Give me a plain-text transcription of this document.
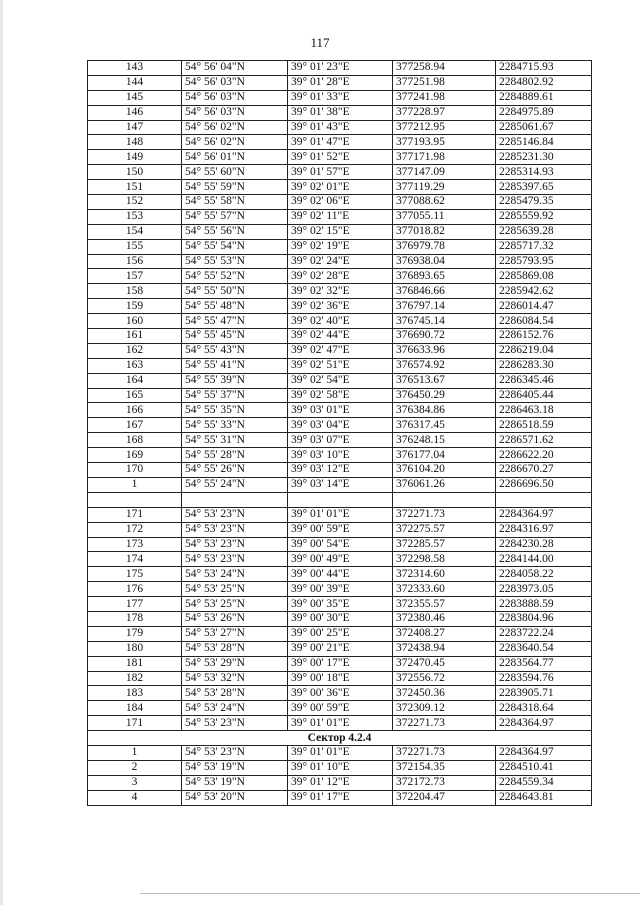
117
143	54° 56' 04"N	39° 01' 23"E	377258.94	2284715.93
144	54° 56' 03"N	39° 01' 28"E	377251.98	2284802.92
145	54° 56' 03"N	39° 01' 33"E	377241.98	2284889.61
146	54° 56' 03"N	39° 01' 38"E	377228.97	2284975.89
147	54° 56' 02"N	39° 01' 43"E	377212.95	2285061.67
148	54° 56' 02"N	39° 01' 47"E	377193.95	2285146.84
149	54° 56' 01"N	39° 01' 52"E	377171.98	2285231.30
150	54° 55' 60"N	39° 01' 57"E	377147.09	2285314.93
151	54° 55' 59"N	39° 02' 01"E	377119.29	2285397.65
152	54° 55' 58"N	39° 02' 06"E	377088.62	2285479.35
153	54° 55' 57"N	39° 02' 11"E	377055.11	2285559.92
154	54° 55' 56"N	39° 02' 15"E	377018.82	2285639.28
155	54° 55' 54"N	39° 02' 19"E	376979.78	2285717.32
156	54° 55' 53"N	39° 02' 24"E	376938.04	2285793.95
157	54° 55' 52"N	39° 02' 28"E	376893.65	2285869.08
158	54° 55' 50"N	39° 02' 32"E	376846.66	2285942.62
159	54° 55' 48"N	39° 02' 36"E	376797.14	2286014.47
160	54° 55' 47"N	39° 02' 40"E	376745.14	2286084.54
161	54° 55' 45"N	39° 02' 44"E	376690.72	2286152.76
162	54° 55' 43"N	39° 02' 47"E	376633.96	2286219.04
163	54° 55' 41"N	39° 02' 51"E	376574.92	2286283.30
164	54° 55' 39"N	39° 02' 54"E	376513.67	2286345.46
165	54° 55' 37"N	39° 02' 58"E	376450.29	2286405.44
166	54° 55' 35"N	39° 03' 01"E	376384.86	2286463.18
167	54° 55' 33"N	39° 03' 04"E	376317.45	2286518.59
168	54° 55' 31"N	39° 03' 07"E	376248.15	2286571.62
169	54° 55' 28"N	39° 03' 10"E	376177.04	2286622.20
170	54° 55' 26"N	39° 03' 12"E	376104.20	2286670.27
1	54° 55' 24"N	39° 03' 14"E	376061.26	2286696.50

171	54° 53' 23"N	39° 01' 01"E	372271.73	2284364.97
172	54° 53' 23"N	39° 00' 59"E	372275.57	2284316.97
173	54° 53' 23"N	39° 00' 54"E	372285.57	2284230.28
174	54° 53' 23"N	39° 00' 49"E	372298.58	2284144.00
175	54° 53' 24"N	39° 00' 44"E	372314.60	2284058.22
176	54° 53' 25"N	39° 00' 39"E	372333.60	2283973.05
177	54° 53' 25"N	39° 00' 35"E	372355.57	2283888.59
178	54° 53' 26"N	39° 00' 30"E	372380.46	2283804.96
179	54° 53' 27"N	39° 00' 25"E	372408.27	2283722.24
180	54° 53' 28"N	39° 00' 21"E	372438.94	2283640.54
181	54° 53' 29"N	39° 00' 17"E	372470.45	2283564.77
182	54° 53' 32"N	39° 00' 18"E	372556.72	2283594.76
183	54° 53' 28"N	39° 00' 36"E	372450.36	2283905.71
184	54° 53' 24"N	39° 00' 59"E	372309.12	2284318.64
171	54° 53' 23"N	39° 01' 01"E	372271.73	2284364.97
Сектор 4.2.4				
1	54° 53' 23"N	39° 01' 01"E	372271.73	2284364.97
2	54° 53' 19"N	39° 01' 10"E	372154.35	2284510.41
3	54° 53' 19"N	39° 01' 12"E	372172.73	2284559.34
4	54° 53' 20"N	39° 01' 17"E	372204.47	2284643.81
